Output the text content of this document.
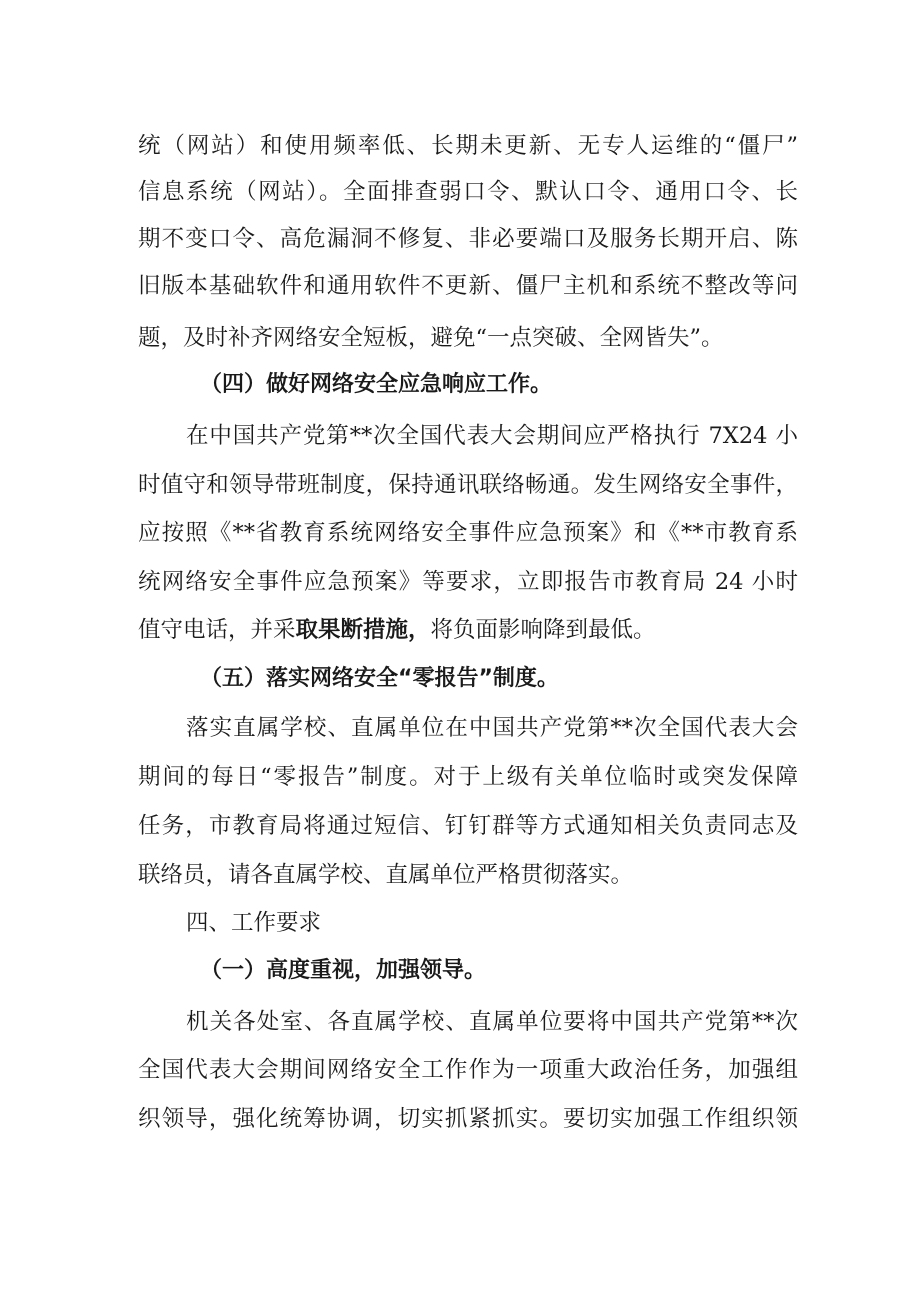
统（网站）和使用频率低、长期未更新、无专人运维的“僵尸”
信息系统（网站）。全面排查弱口令、默认口令、通用口令、长
期不变口令、高危漏洞不修复、非必要端口及服务长期开启、陈
旧版本基础软件和通用软件不更新、僵尸主机和系统不整改等问
题，及时补齐网络安全短板，避免“一点突破、全网皆失”。
（四）做好网络安全应急响应工作。
在中国共产党第**次全国代表大会期间应严格执行 7X24 小
时值守和领导带班制度，保持通讯联络畅通。发生网络安全事件，
应按照《**省教育系统网络安全事件应急预案》和《**市教育系
统网络安全事件应急预案》等要求，立即报告市教育局 24 小时
值守电话，并采取果断措施，将负面影响降到最低。
（五）落实网络安全“零报告”制度。
落实直属学校、直属单位在中国共产党第**次全国代表大会
期间的每日“零报告”制度。对于上级有关单位临时或突发保障
任务，市教育局将通过短信、钉钉群等方式通知相关负责同志及
联络员，请各直属学校、直属单位严格贯彻落实。
四、工作要求
（一）高度重视，加强领导。
机关各处室、各直属学校、直属单位要将中国共产党第**次
全国代表大会期间网络安全工作作为一项重大政治任务，加强组
织领导，强化统筹协调，切实抓紧抓实。要切实加强工作组织领
